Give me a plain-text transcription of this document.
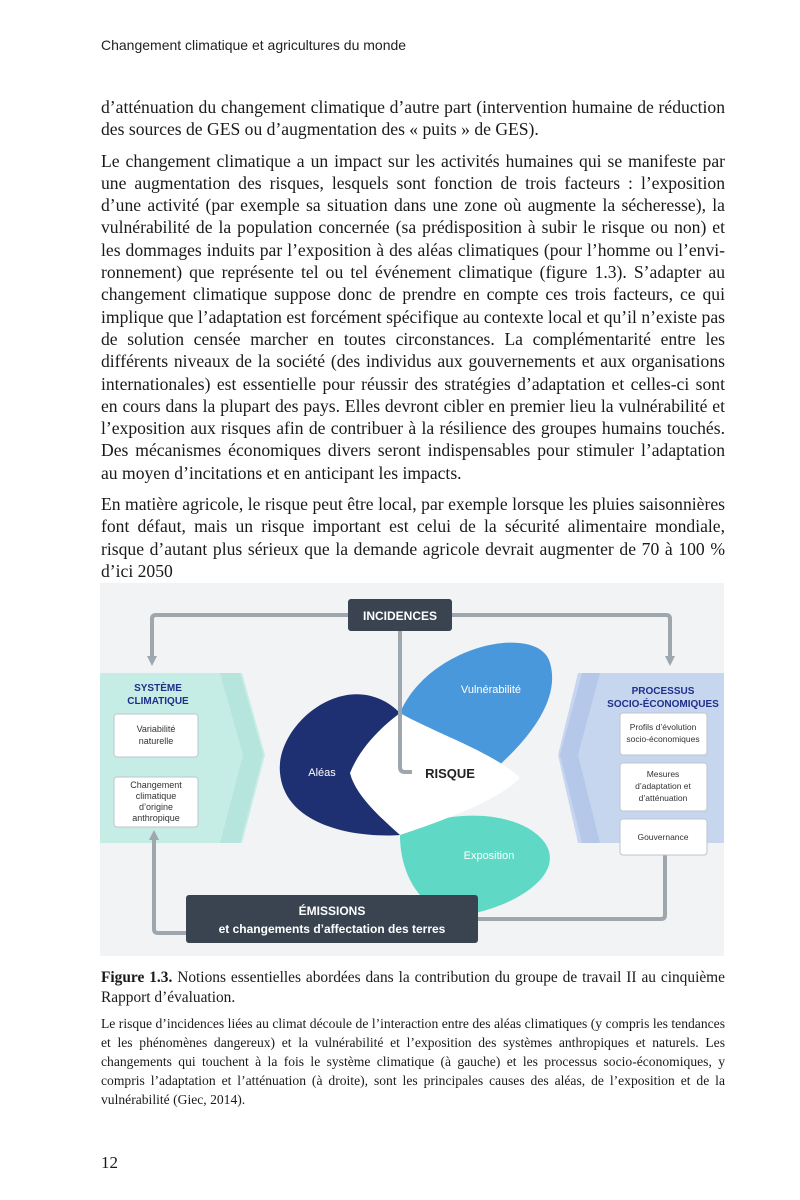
Changement climatique et agricultures du monde

d’atténuation du changement climatique d’autre part (intervention humaine de réduction des sources de GES ou d’augmentation des « puits » de GES).

Le changement climatique a un impact sur les activités humaines qui se manifeste par une augmentation des risques, lesquels sont fonction de trois facteurs : l’exposition d’une activité (par exemple sa situation dans une zone où augmente la sécheresse), la vulnérabilité de la population concernée (sa prédisposition à subir le risque ou non) et les dommages induits par l’exposition à des aléas climatiques (pour l’homme ou l’environnement) que représente tel ou tel événement climatique (figure 1.3). S’adapter au changement climatique suppose donc de prendre en compte ces trois facteurs, ce qui implique que l’adaptation est forcément spécifique au contexte local et qu’il n’existe pas de solution censée marcher en toutes circonstances. La complémentarité entre les différents niveaux de la société (des individus aux gouvernements et aux organisations internationales) est essentielle pour réussir des stratégies d’adaptation et celles-ci sont en cours dans la plupart des pays. Elles devront cibler en premier lieu la vulnérabilité et l’exposition aux risques afin de contribuer à la résilience des groupes humains touchés. Des mécanismes économiques divers seront indispensables pour stimuler l’adaptation au moyen d’incitations et en anticipant les impacts.

En matière agricole, le risque peut être local, par exemple lorsque les pluies saisonnières font défaut, mais un risque important est celui de la sécurité alimentaire mondiale, risque d’autant plus sérieux que la demande agricole devrait augmenter de 70 à 100 % d’ici 2050

INCIDENCES
SYSTÈME
CLIMATIQUE
Variabilité
naturelle
Changement
climatique
d’origine
anthropique
PROCESSUS
SOCIO-ÉCONOMIQUES
Profils d’évolution
socio-économiques
Mesures
d’adaptation et
d’atténuation
Gouvernance
Aléas
Vulnérabilité
Exposition
RISQUE
ÉMISSIONS
et changements d’affectation des terres
Figure 1.3. Notions essentielles abordées dans la contribution du groupe de travail II au cinquième Rapport d’évaluation.
Le risque d’incidences liées au climat découle de l’interaction entre des aléas climatiques (y compris les tendances et les phénomènes dangereux) et la vulnérabilité et l’exposition des systèmes anthropiques et naturels. Les changements qui touchent à la fois le système climatique (à gauche) et les processus socio-économiques, y compris l’adaptation et l’atténuation (à droite), sont les principales causes des aléas, de l’exposition et de la vulnérabilité (Giec, 2014).
12
